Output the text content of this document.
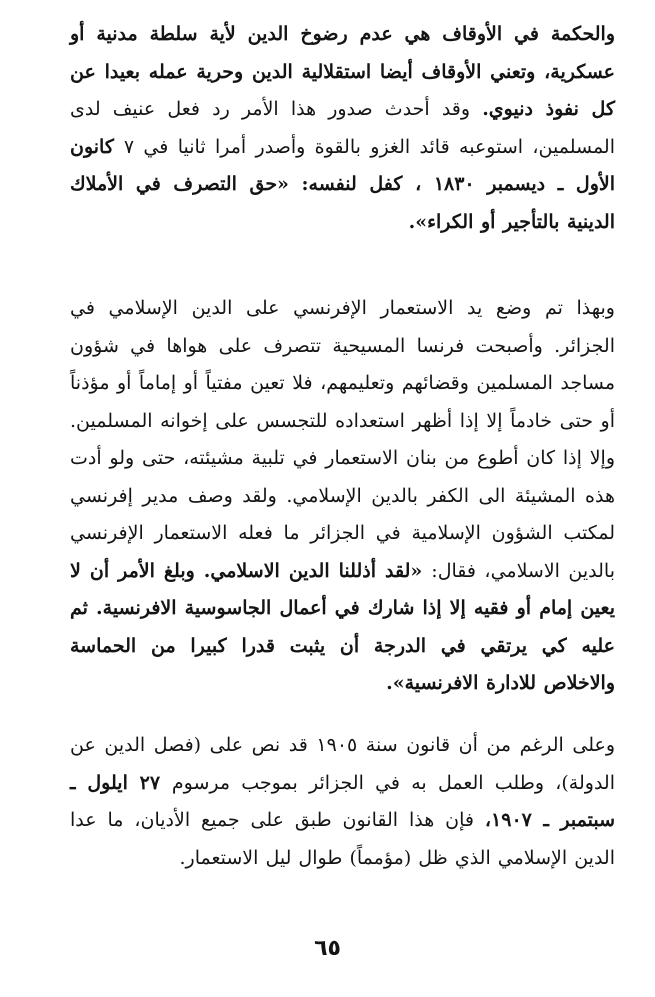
والحكمة في الأوقاف هي عدم رضوخ الدين لأية سلطة مدنية أو عسكرية، وتعني الأوقاف أيضا استقلالية الدين وحرية عمله بعيدا عن كل نفوذ دنيوي. وقد أحدث صدور هذا الأمر رد فعل عنيف لدى المسلمين، استوعبه قائد الغزو بالقوة وأصدر أمرا ثانيا في ٧ كانون الأول ـ ديسمبر ١٨٣٠ ، كفل لنفسه: «حق التصرف في الأملاك الدينية بالتأجير أو الكراء».

وبهذا تم وضع يد الاستعمار الإفرنسي على الدين الإسلامي في الجزائر. وأصبحت فرنسا المسيحية تتصرف على هواها في شؤون مساجد المسلمين وقضائهم وتعليمهم، فلا تعين مفتياً أو إماماً أو مؤذناً أو حتى خادماً إلا إذا أظهر استعداده للتجسس على إخوانه المسلمين. وإلا إذا كان أطوع من بنان الاستعمار في تلبية مشيئته، حتى ولو أدت هذه المشيئة الى الكفر بالدين الإسلامي. ولقد وصف مدير إفرنسي لمكتب الشؤون الإسلامية في الجزائر ما فعله الاستعمار الإفرنسي بالدين الاسلامي، فقال: «لقد أذللنا الدين الاسلامي. وبلغ الأمر أن لا يعين إمام أو فقيه إلا إذا شارك في أعمال الجاسوسية الافرنسية. ثم عليه كي يرتقي في الدرجة أن يثبت قدرا كبيرا من الحماسة والاخلاص للادارة الافرنسية».

وعلى الرغم من أن قانون سنة ١٩٠٥ قد نص على (فصل الدين عن الدولة)، وطلب العمل به في الجزائر بموجب مرسوم ٢٧ ايلول ـ سبتمبر ـ ١٩٠٧، فإن هذا القانون طبق على جميع الأديان، ما عدا الدين الإسلامي الذي ظل (مؤمماً) طوال ليل الاستعمار.

٦٥
